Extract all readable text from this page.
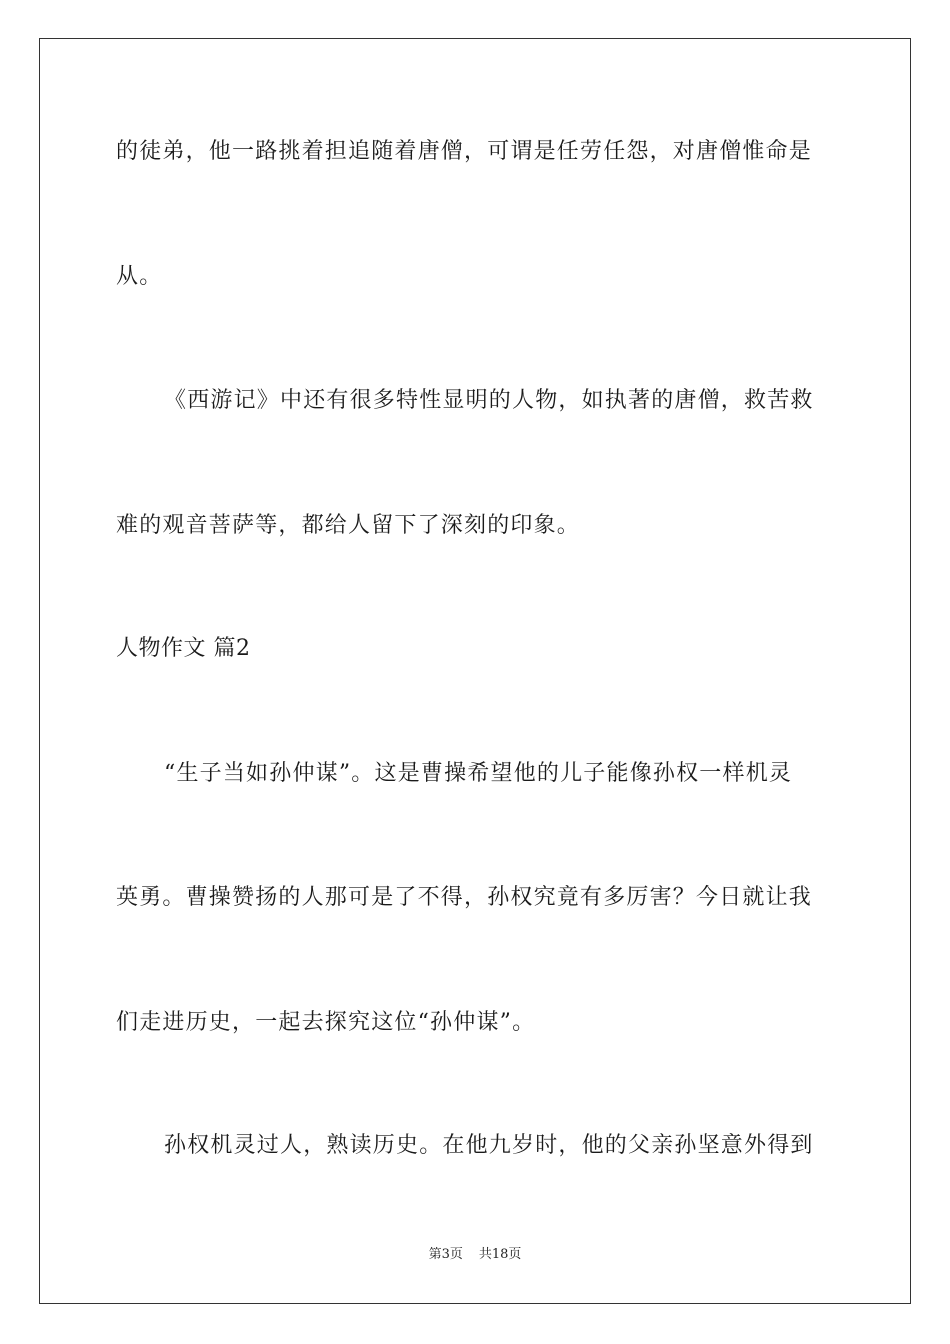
的徒弟，他一路挑着担追随着唐僧，可谓是任劳任怨，对唐僧惟命是
从。
《西游记》中还有很多特性显明的人物，如执著的唐僧，救苦救
难的观音菩萨等，都给人留下了深刻的印象。
人物作文 篇2
“生子当如孙仲谋”。这是曹操希望他的儿子能像孙权一样机灵
英勇。曹操赞扬的人那可是了不得，孙权究竟有多厉害？今日就让我
们走进历史，一起去探究这位“孙仲谋”。
孙权机灵过人，熟读历史。在他九岁时，他的父亲孙坚意外得到
第3页 共18页
